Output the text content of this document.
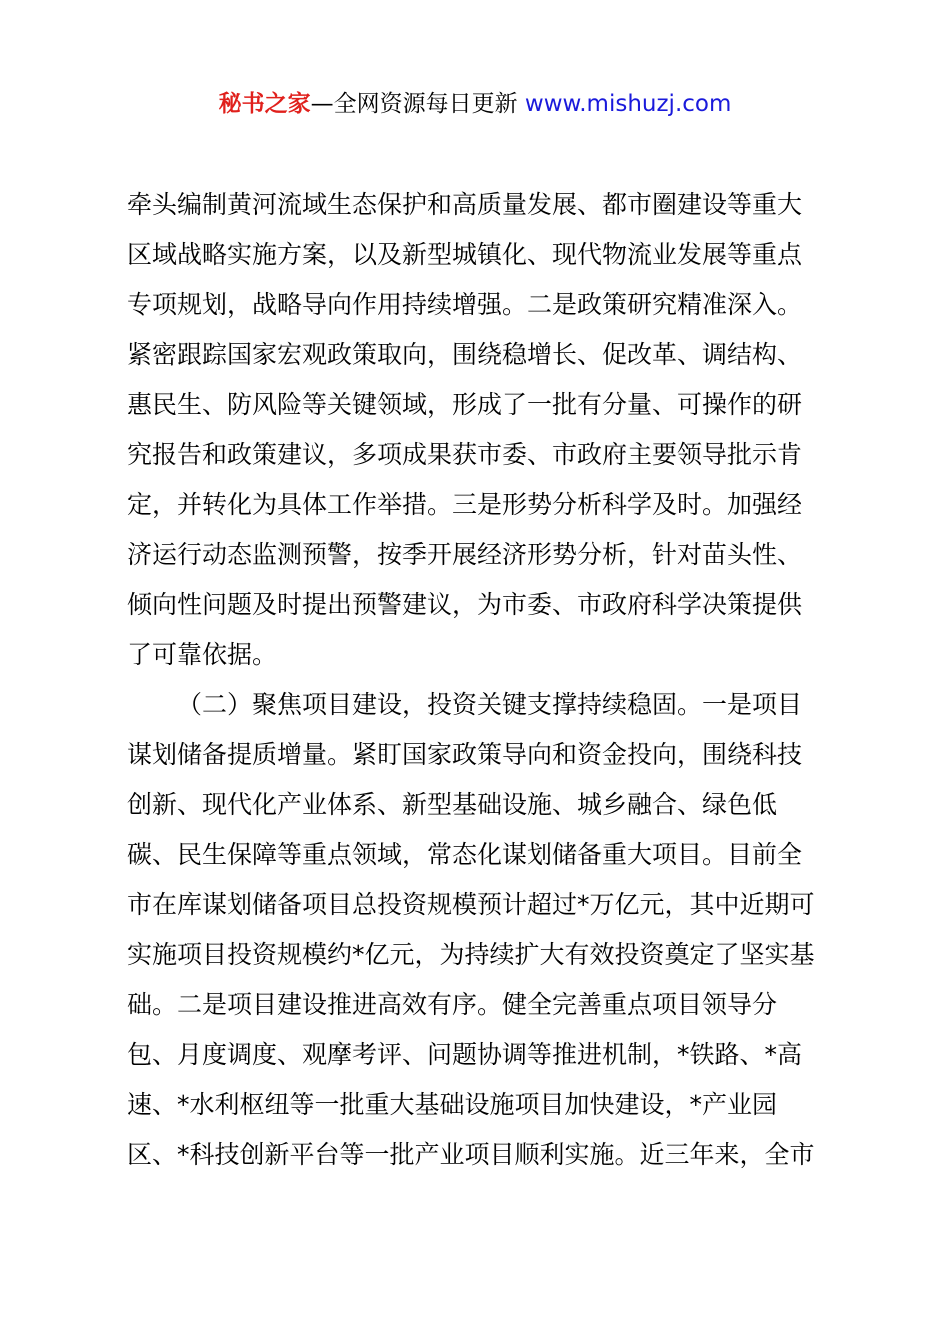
秘书之家—全网资源每日更新 www.mishuzj.com
牵头编制黄河流域生态保护和高质量发展、都市圈建设等重大
区域战略实施方案，以及新型城镇化、现代物流业发展等重点
专项规划，战略导向作用持续增强。二是政策研究精准深入。
紧密跟踪国家宏观政策取向，围绕稳增长、促改革、调结构、
惠民生、防风险等关键领域，形成了一批有分量、可操作的研
究报告和政策建议，多项成果获市委、市政府主要领导批示肯
定，并转化为具体工作举措。三是形势分析科学及时。加强经
济运行动态监测预警，按季开展经济形势分析，针对苗头性、
倾向性问题及时提出预警建议，为市委、市政府科学决策提供
了可靠依据。
（二）聚焦项目建设，投资关键支撑持续稳固。一是项目
谋划储备提质增量。紧盯国家政策导向和资金投向，围绕科技
创新、现代化产业体系、新型基础设施、城乡融合、绿色低
碳、民生保障等重点领域，常态化谋划储备重大项目。目前全
市在库谋划储备项目总投资规模预计超过*万亿元，其中近期可
实施项目投资规模约*亿元，为持续扩大有效投资奠定了坚实基
础。二是项目建设推进高效有序。健全完善重点项目领导分
包、月度调度、观摩考评、问题协调等推进机制，*铁路、*高
速、*水利枢纽等一批重大基础设施项目加快建设，*产业园
区、*科技创新平台等一批产业项目顺利实施。近三年来，全市
